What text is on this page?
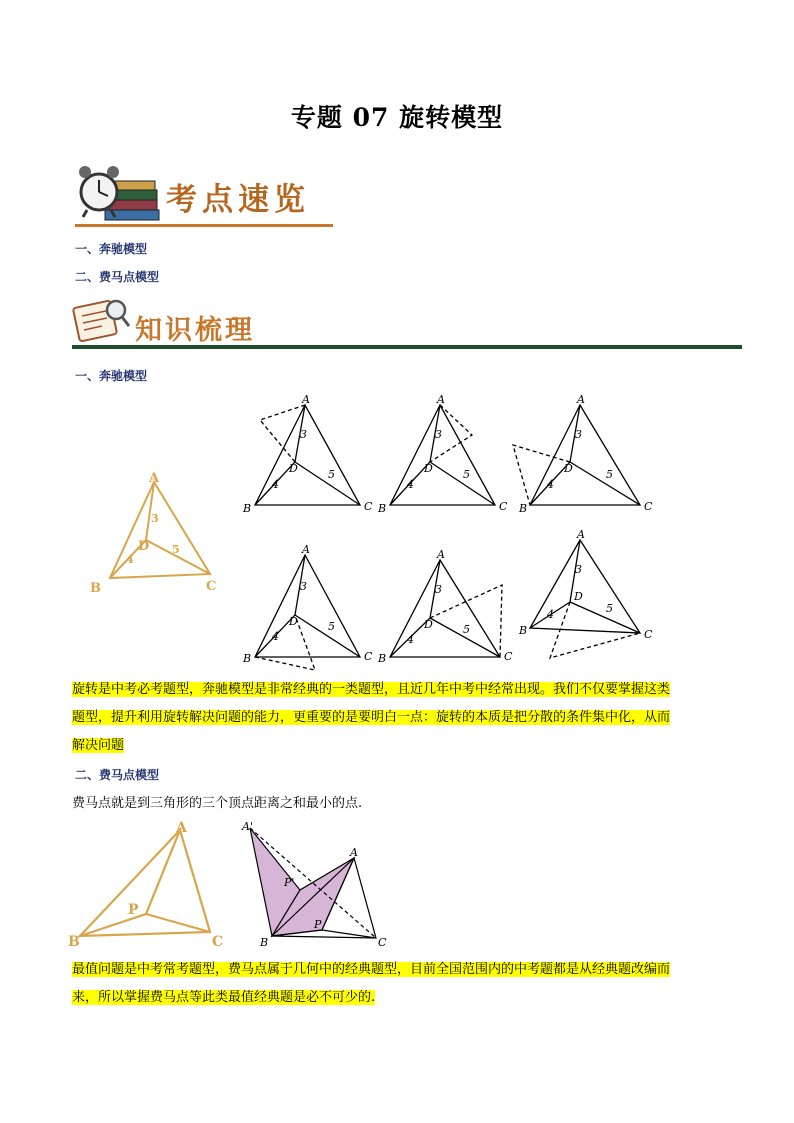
专题 07 旋转模型
考点速览
一、奔驰模型
二、费马点模型
知识梳理
一、奔驰模型
A
B	C
D
3
4
5
A
B	C
D
3
4
5
A
B	C
D
3
4
5
A
B	C
D
3
4
5
A
B	C
D
3
4
5
A
B	C
D
3
4
5
A
B	C
D
3
4	5
旋转是中考必考题型，奔驰模型是非常经典的一类题型，且近几年中考中经常出现。我们不仅要掌握这类
题型，提升利用旋转解决问题的能力，更重要的是要明白一点：旋转的本质是把分散的条件集中化，从而
解决问题
二、费马点模型
费马点就是到三角形的三个顶点距离之和最小的点.
A
B	C
P
A'
A
B	C
P
P'
最值问题是中考常考题型，费马点属于几何中的经典题型，目前全国范围内的中考题都是从经典题改编而
来，所以掌握费马点等此类最值经典题是必不可少的.
